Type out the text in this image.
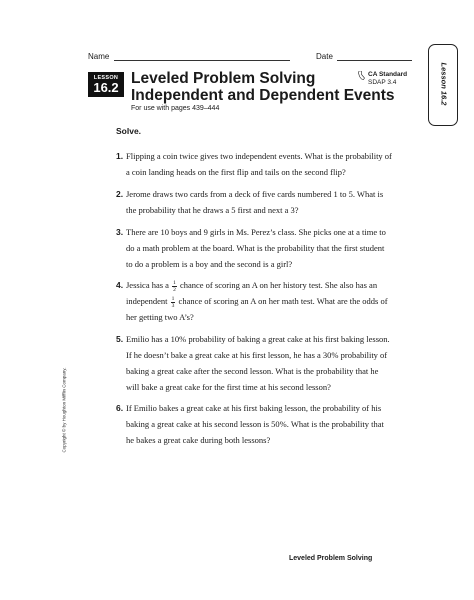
Name	Date
LESSON
16.2
Leveled Problem Solving
Independent and Dependent Events
For use with pages 439–444
CA Standard
SDAP 3.4	Lesson 16.2
Solve.
1. Flipping a coin twice gives two independent events. What is the probability of
a coin landing heads on the first flip and tails on the second flip?
2. Jerome draws two cards from a deck of five cards numbered 1 to 5. What is
the probability that he draws a 5 first and next a 3?
3. There are 10 boys and 9 girls in Ms. Perez’s class. She picks one at a time to
do a math problem at the board. What is the probability that the first student
to do a problem is a boy and the second is a girl?
4. Jessica has a $\frac{1}{2}$ chance of scoring an A on her history test. She also has an
independent $\frac{1}{3}$ chance of scoring an A on her math test. What are the odds of
her getting two A’s?
5. Emilio has a 10% probability of baking a great cake at his first baking lesson.
If he doesn’t bake a great cake at his first lesson, he has a 30% probability of
baking a great cake after the second lesson. What is the probability that he
will bake a great cake for the first time at his second lesson?
6. If Emilio bakes a great cake at his first baking lesson, the probability of his
baking a great cake at his second lesson is 50%. What is the probability that
he bakes a great cake during both lessons?
Copyright © by Houghton Mifflin Company.
Leveled Problem Solving
